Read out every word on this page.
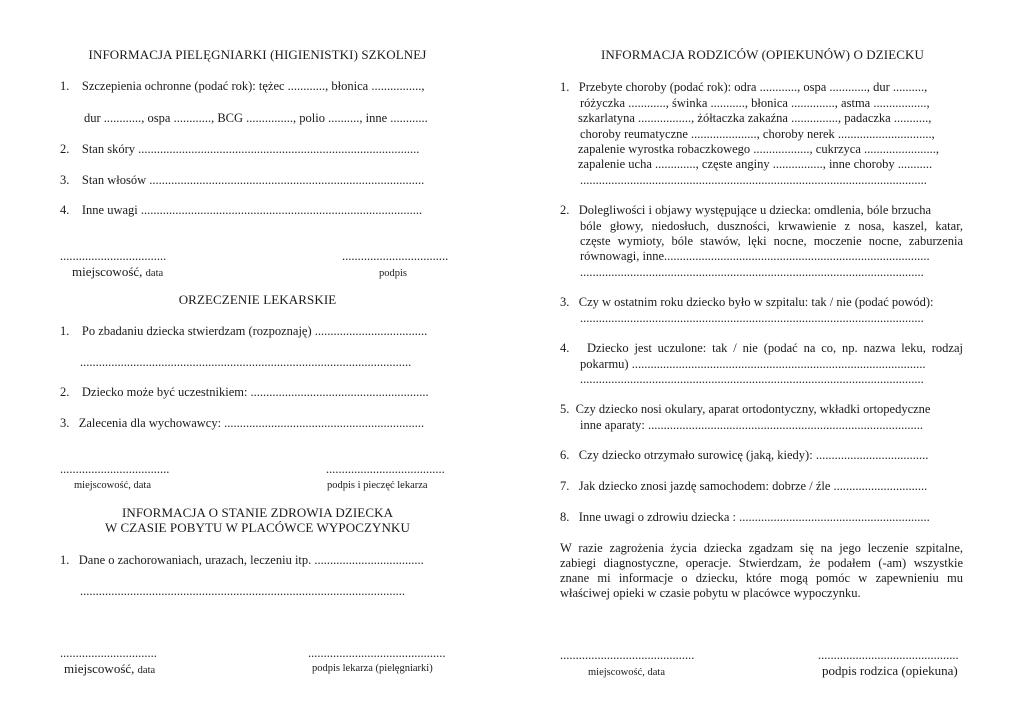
INFORMACJA PIELĘGNIARKI (HIGIENISTKI) SZKOLNEJ
1.    Szczepienia ochronne (podać rok): tężec ............, błonica ................,
dur ............, ospa ............, BCG ..............., polio .........., inne ............
2.    Stan skóry ..........................................................................................
3.    Stan włosów ........................................................................................
4.    Inne uwagi ..........................................................................................
..................................	..................................
miejscowość, data	podpis
ORZECZENIE LEKARSKIE
1.    Po zbadaniu dziecka stwierdzam (rozpoznaję) ....................................
..........................................................................................................
2.    Dziecko może być uczestnikiem: .........................................................
3.   Zalecenia dla wychowawcy: ................................................................
...................................	......................................
miejscowość, data	podpis i pieczęć lekarza
INFORMACJA O STANIE ZDROWIA DZIECKA
W CZASIE POBYTU W PLACÓWCE WYPOCZYNKU
1.   Dane o zachorowaniach, urazach, leczeniu itp. ...................................
........................................................................................................
...............................	............................................
miejscowość, data	podpis lekarza (pielęgniarki)
INFORMACJA RODZICÓW (OPIEKUNÓW) O DZIECKU
1.   Przebyte choroby (podać rok): odra ............, ospa ............, dur ..........,
różyczka ............, świnka ..........., błonica .............., astma .................,
szkarlatyna ................., żółtaczka zakaźna ..............., padaczka ...........,
choroby reumatyczne ....................., choroby nerek ..............................,
zapalenie wyrostka robaczkowego .................., cukrzyca .......................,
zapalenie ucha ............., częste anginy ................, inne choroby ...........
...............................................................................................................
2.   Dolegliwości i objawy występujące u dziecka: omdlenia, bóle brzucha
bóle głowy, niedosłuch, duszności, krwawienie z nosa, kaszel, katar,
częste wymioty, bóle stawów, lęki nocne, moczenie nocne, zaburzenia
równowagi, inne.....................................................................................
..............................................................................................................
3.   Czy w ostatnim roku dziecko było w szpitalu: tak / nie (podać powód):
..............................................................................................................
4.   Dziecko jest uczulone: tak / nie (podać na co, np. nazwa leku, rodzaj
pokarmu) ..............................................................................................
..............................................................................................................
5.  Czy dziecko nosi okulary, aparat ortodontyczny, wkładki ortopedyczne
inne aparaty: ........................................................................................
6.   Czy dziecko otrzymało surowicę (jaką, kiedy): ....................................
7.   Jak dziecko znosi jazdę samochodem: dobrze / źle ..............................
8.   Inne uwagi o zdrowiu dziecka : .............................................................
W razie zagrożenia życia dziecka zgadzam się na jego leczenie szpitalne,
zabiegi diagnostyczne, operacje. Stwierdzam, że podałem (-am) wszystkie
znane mi informacje o dziecku, które mogą pomóc w zapewnieniu mu
właściwej opieki w czasie pobytu w placówce wypoczynku.
...........................................	.............................................
miejscowość, data	podpis rodzica (opiekuna)
